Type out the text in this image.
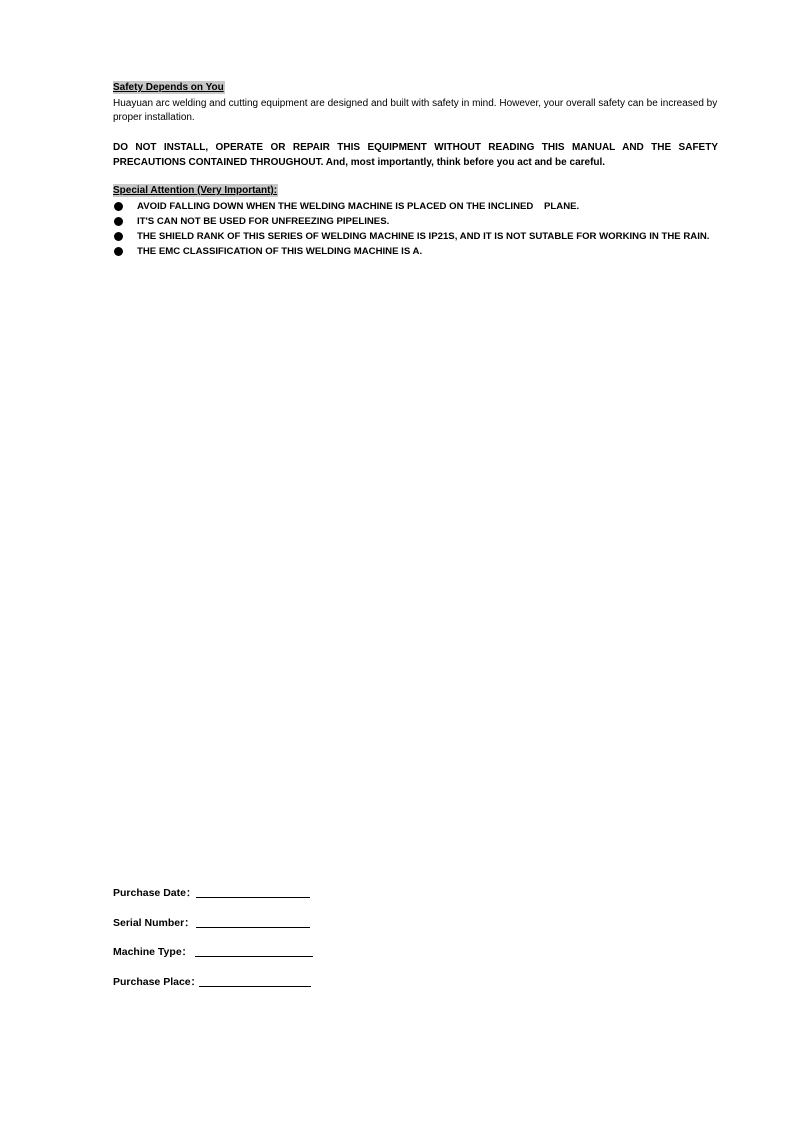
Safety Depends on You

Huayuan arc welding and cutting equipment are designed and built with safety in mind. However, your overall safety can be increased by proper installation.

DO NOT INSTALL, OPERATE OR REPAIR THIS EQUIPMENT WITHOUT READING THIS MANUAL AND THE SAFETY PRECAUTIONS CONTAINED THROUGHOUT. And, most importantly, think before you act and be careful.

Special Attention (Very Important):
AVOID FALLING DOWN WHEN THE WELDING MACHINE IS PLACED ON THE INCLINED    PLANE.
IT'S CAN NOT BE USED FOR UNFREEZING PIPELINES.
THE SHIELD RANK OF THIS SERIES OF WELDING MACHINE IS IP21S, AND IT IS NOT SUTABLE FOR WORKING IN THE RAIN.
THE EMC CLASSIFICATION OF THIS WELDING MACHINE IS A.
Purchase Date：
Serial Number：
Machine Type：
Purchase Place：
